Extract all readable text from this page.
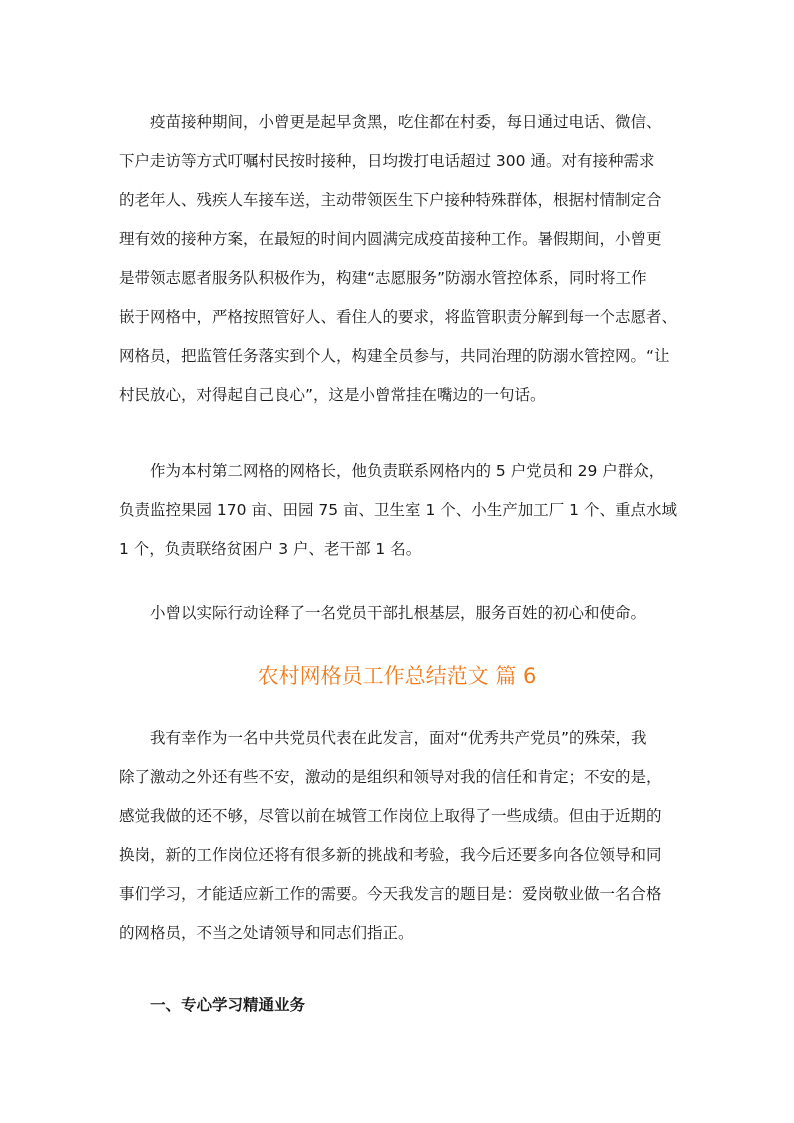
疫苗接种期间，小曾更是起早贪黑，吃住都在村委，每日通过电话、微信、
下户走访等方式叮嘱村民按时接种，日均拨打电话超过 300 通。对有接种需求
的老年人、残疾人车接车送，主动带领医生下户接种特殊群体，根据村情制定合
理有效的接种方案，在最短的时间内圆满完成疫苗接种工作。暑假期间，小曾更
是带领志愿者服务队积极作为，构建“志愿服务”防溺水管控体系，同时将工作
嵌于网格中，严格按照管好人、看住人的要求，将监管职责分解到每一个志愿者、
网格员，把监管任务落实到个人，构建全员参与，共同治理的防溺水管控网。“让
村民放心，对得起自己良心”，这是小曾常挂在嘴边的一句话。
作为本村第二网格的网格长，他负责联系网格内的 5 户党员和 29 户群众，
负责监控果园 170 亩、田园 75 亩、卫生室 1 个、小生产加工厂 1 个、重点水域
1 个，负责联络贫困户 3 户、老干部 1 名。
小曾以实际行动诠释了一名党员干部扎根基层，服务百姓的初心和使命。
农村网格员工作总结范文 篇 6
我有幸作为一名中共党员代表在此发言，面对“优秀共产党员”的殊荣，我
除了激动之外还有些不安，激动的是组织和领导对我的信任和肯定；不安的是，
感觉我做的还不够，尽管以前在城管工作岗位上取得了一些成绩。但由于近期的
换岗，新的工作岗位还将有很多新的挑战和考验，我今后还要多向各位领导和同
事们学习，才能适应新工作的需要。今天我发言的题目是：爱岗敬业做一名合格
的网格员，不当之处请领导和同志们指正。
一、专心学习精通业务
